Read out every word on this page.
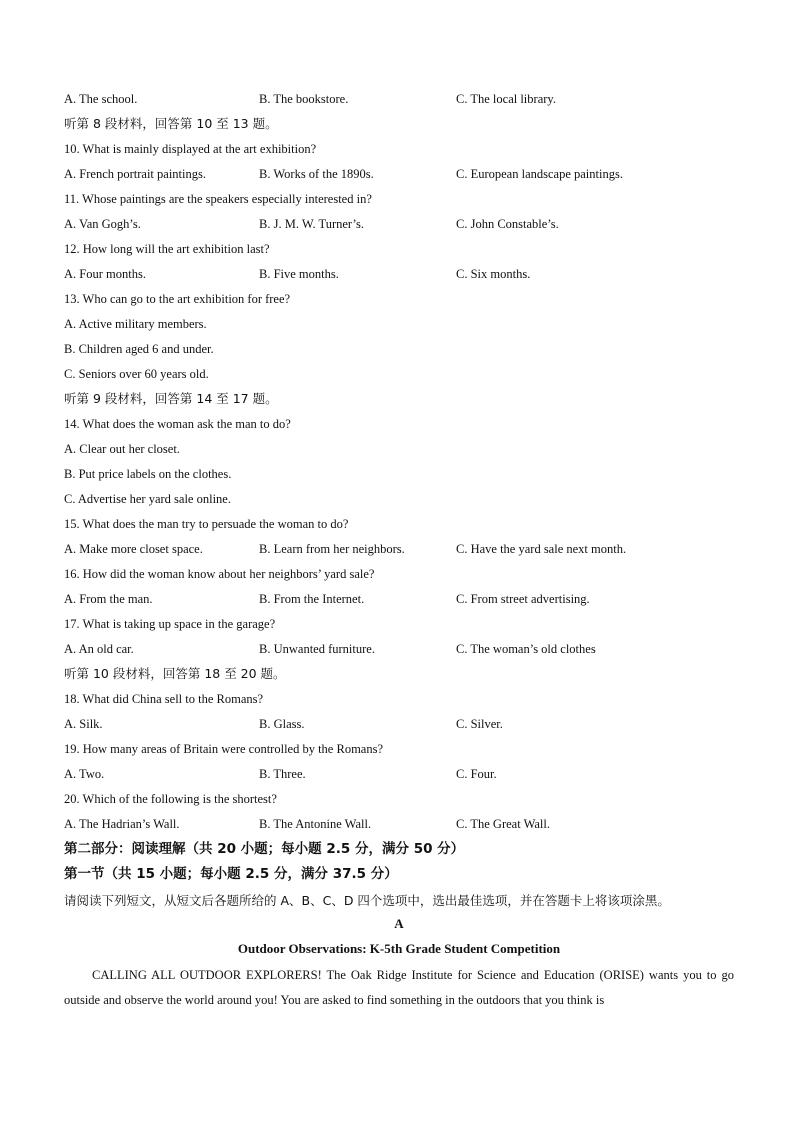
A. The school.	B. The bookstore.	C. The local library.
听第 8 段材料，回答第 10 至 13 题。
10. What is mainly displayed at the art exhibition?
A. French portrait paintings.	B. Works of the 1890s.	C. European landscape paintings.
11. Whose paintings are the speakers especially interested in?
A. Van Gogh’s.	B. J. M. W. Turner’s.	C. John Constable’s.
12. How long will the art exhibition last?
A. Four months.	B. Five months.	C. Six months.
13. Who can go to the art exhibition for free?
A. Active military members.
B. Children aged 6 and under.
C. Seniors over 60 years old.
听第 9 段材料，回答第 14 至 17 题。
14. What does the woman ask the man to do?
A. Clear out her closet.
B. Put price labels on the clothes.
C. Advertise her yard sale online.
15. What does the man try to persuade the woman to do?
A. Make more closet space.	B. Learn from her neighbors.	C. Have the yard sale next month.
16. How did the woman know about her neighbors’ yard sale?
A. From the man.	B. From the Internet.	C. From street advertising.
17. What is taking up space in the garage?
A. An old car.	B. Unwanted furniture.	C. The woman’s old clothes
听第 10 段材料，回答第 18 至 20 题。
18. What did China sell to the Romans?
A. Silk.	B. Glass.	C. Silver.
19. How many areas of Britain were controlled by the Romans?
A. Two.	B. Three.	C. Four.
20. Which of the following is the shortest?
A. The Hadrian’s Wall.	B. The Antonine Wall.	C. The Great Wall.
第二部分：阅读理解（共 20 小题；每小题 2.5 分，满分 50 分）
第一节（共 15 小题；每小题 2.5 分，满分 37.5 分）
请阅读下列短文，从短文后各题所给的 A、B、C、D 四个选项中，选出最佳选项，并在答题卡上将该项涂黑。
A
Outdoor Observations: K-5th Grade Student Competition
CALLING ALL OUTDOOR EXPLORERS! The Oak Ridge Institute for Science and Education (ORISE) wants you to go outside and observe the world around you! You are asked to find something in the outdoors that you think is
